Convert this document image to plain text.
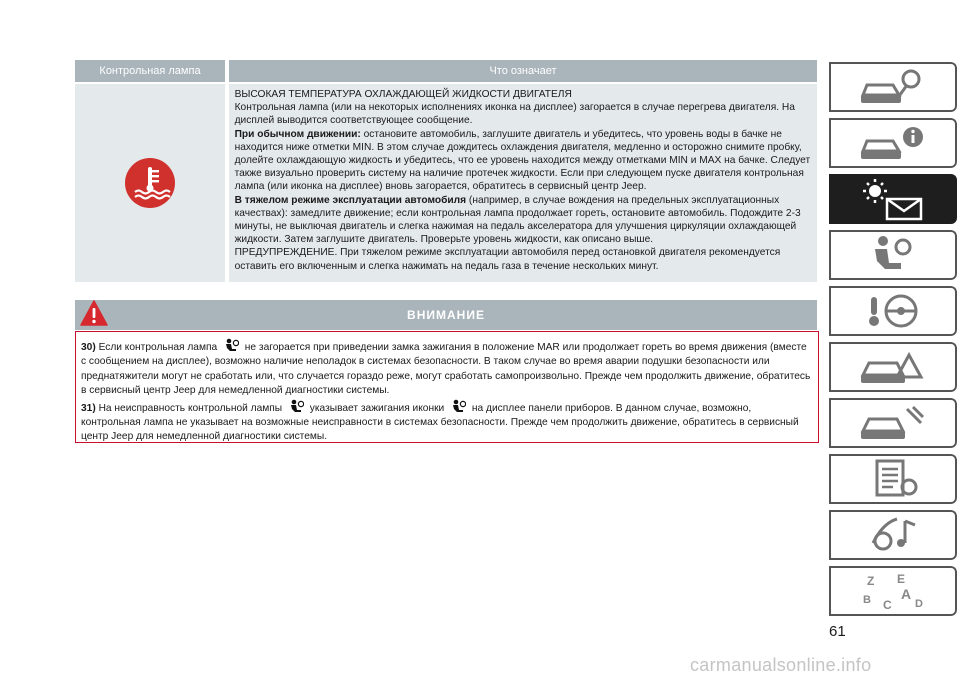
Контрольная лампа	Что означает

ВЫСОКАЯ ТЕМПЕРАТУРА ОХЛАЖДАЮЩЕЙ ЖИДКОСТИ ДВИГАТЕЛЯ

Контрольная лампа (или на некоторых исполнениях иконка на дисплее) загорается в случае перегрева двигателя. На дисплей выводится соответствующее сообщение.

При обычном движении: остановите автомобиль, заглушите двигатель и убедитесь, что уровень воды в бачке не находится ниже отметки MIN. В этом случае дождитесь охлаждения двигателя, медленно и осторожно снимите пробку, долейте охлаждающую жидкость и убедитесь, что ее уровень находится между отметками MIN и MAX на бачке. Следует также визуально проверить систему на наличие протечек жидкости. Если при следующем пуске двигателя контрольная лампа (или иконка на дисплее) вновь загорается, обратитесь в сервисный центр Jeep.

В тяжелом режиме эксплуатации автомобиля (например, в случае вождения на предельных эксплуатационных качествах): замедлите движение; если контрольная лампа продолжает гореть, остановите автомобиль. Подождите 2-3 минуты, не выключая двигатель и слегка нажимая на педаль акселератора для улучшения циркуляции охлаждающей жидкости. Затем заглушите двигатель. Проверьте уровень жидкости, как описано выше.

ПРЕДУПРЕЖДЕНИЕ. При тяжелом режиме эксплуатации автомобиля перед остановкой двигателя рекомендуется оставить его включенным и слегка нажимать на педаль газа в течение нескольких минут.

ВНИМАНИЕ

30) Если контрольная лампа  не загорается при приведении замка зажигания в положение MAR или продолжает гореть во время движения (вместе с сообщением на дисплее), возможно наличие неполадок в системах безопасности. В таком случае во время аварии подушки безопасности или преднатяжители могут не сработать или, что случается гораздо реже, могут сработать самопроизвольно. Прежде чем продолжить движение, обратитесь в сервисный центр Jeep для немедленной диагностики системы.

31) На неисправность контрольной лампы  указывает зажигания иконки  на дисплее панели приборов. В данном случае, возможно, контрольная лампа не указывает на возможные неисправности в системах безопасности. Прежде чем продолжить движение, обратитесь в сервисный центр Jeep для немедленной диагностики системы.

Z E
B C
A
D
61
carmanualsonline.info
